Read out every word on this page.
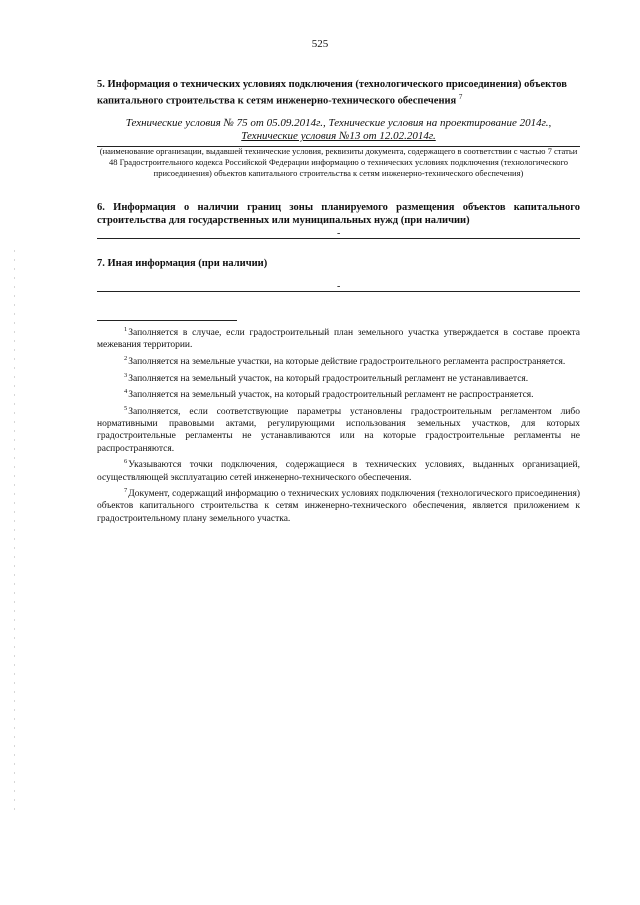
525
5. Информация о технических условиях подключения (технологического присоединения) объектов капитального строительства к сетям инженерно-технического обеспечения $^7$
Технические условия № 75 от 05.09.2014г., Технические условия на проектирование 2014г.,
Технические условия №13 от 12.02.2014г.
(наименование организации, выдавшей технические условия, реквизиты документа, содержащего в соответствии с частью 7 статьи 48 Градостроительного кодекса Российской Федерации информацию о технических условиях подключения (технологического присоединения) объектов капитального строительства к сетям инженерно-технического обеспечения)
6. Информация о наличии границ зоны планируемого размещения объектов капитального строительства для государственных или муниципальных нужд (при наличии)
-
7. Иная информация (при наличии)
-

$^1$Заполняется в случае, если градостроительный план земельного участка утверждается в составе проекта межевания территории.

$^2$Заполняется на земельные участки, на которые действие градостроительного регламента распространяется.

$^3$Заполняется на земельный участок, на который градостроительный регламент не устанавливается.

$^4$Заполняется на земельный участок, на который градостроительный регламент не распространяется.

$^5$Заполняется, если соответствующие параметры установлены градостроительным регламентом либо нормативными правовыми актами, регулирующими использования земельных участков, для которых градостроительные регламенты не устанавливаются или на которые градостроительные регламенты не распространяются.

$^6$Указываются точки подключения, содержащиеся в технических условиях, выданных организацией, осуществляющей эксплуатацию сетей инженерно-технического обеспечения.

$^7$Документ, содержащий информацию о технических условиях подключения (технологического присоединения) объектов капитального строительства к сетям инженерно-технического обеспечения, является приложением к градостроительному плану земельного участка.
